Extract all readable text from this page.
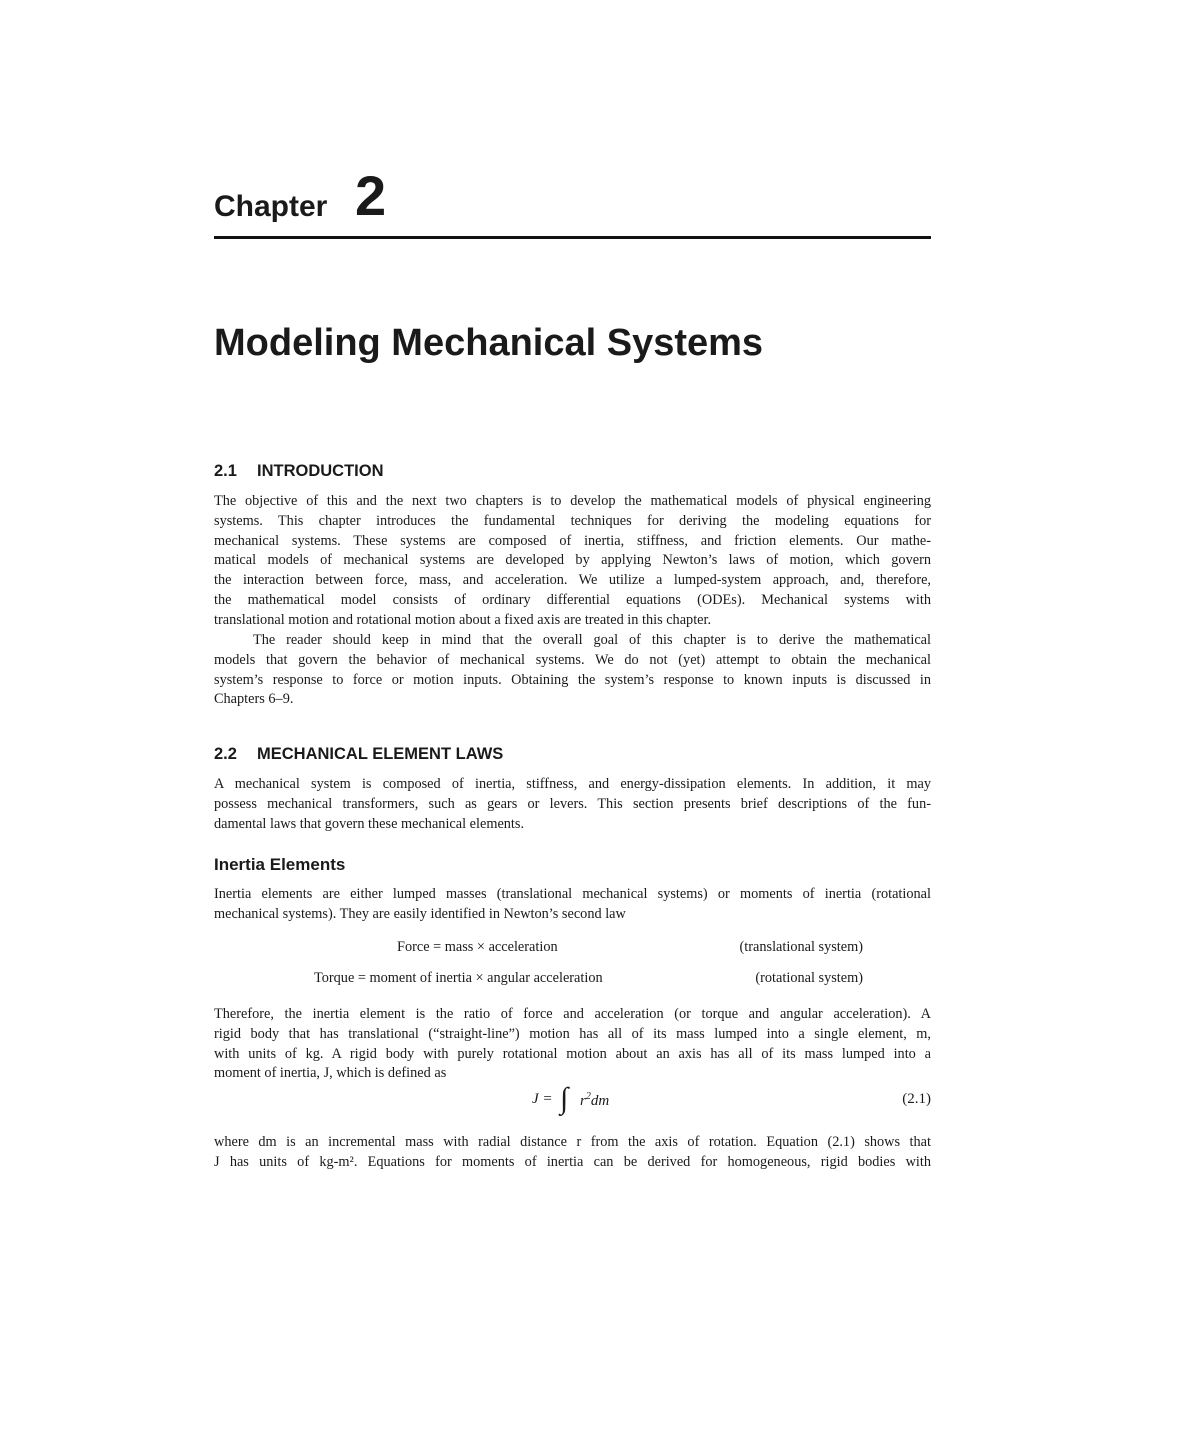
Chapter 2
Modeling Mechanical Systems
2.1 INTRODUCTION
The objective of this and the next two chapters is to develop the mathematical models of physical engineering
systems. This chapter introduces the fundamental techniques for deriving the modeling equations for
mechanical systems. These systems are composed of inertia, stiffness, and friction elements. Our mathe-
matical models of mechanical systems are developed by applying Newton’s laws of motion, which govern
the interaction between force, mass, and acceleration. We utilize a lumped-system approach, and, therefore,
the mathematical model consists of ordinary differential equations (ODEs). Mechanical systems with
translational motion and rotational motion about a fixed axis are treated in this chapter.
The reader should keep in mind that the overall goal of this chapter is to derive the mathematical
models that govern the behavior of mechanical systems. We do not (yet) attempt to obtain the mechanical
system’s response to force or motion inputs. Obtaining the system’s response to known inputs is discussed in
Chapters 6–9.
2.2 MECHANICAL ELEMENT LAWS
A mechanical system is composed of inertia, stiffness, and energy-dissipation elements. In addition, it may
possess mechanical transformers, such as gears or levers. This section presents brief descriptions of the fun-
damental laws that govern these mechanical elements.
Inertia Elements
Inertia elements are either lumped masses (translational mechanical systems) or moments of inertia (rotational
mechanical systems). They are easily identified in Newton’s second law
Force = mass × acceleration	(translational system)
Torque = moment of inertia × angular acceleration	(rotational system)
Therefore, the inertia element is the ratio of force and acceleration (or torque and angular acceleration). A
rigid body that has translational (“straight-line”) motion has all of its mass lumped into a single element, m,
with units of kg. A rigid body with purely rotational motion about an axis has all of its mass lumped into a
moment of inertia, J, which is defined as
J = ∫ $r^2dm$	(2.1)
where dm is an incremental mass with radial distance r from the axis of rotation. Equation (2.1) shows that
J has units of kg-m². Equations for moments of inertia can be derived for homogeneous, rigid bodies with
